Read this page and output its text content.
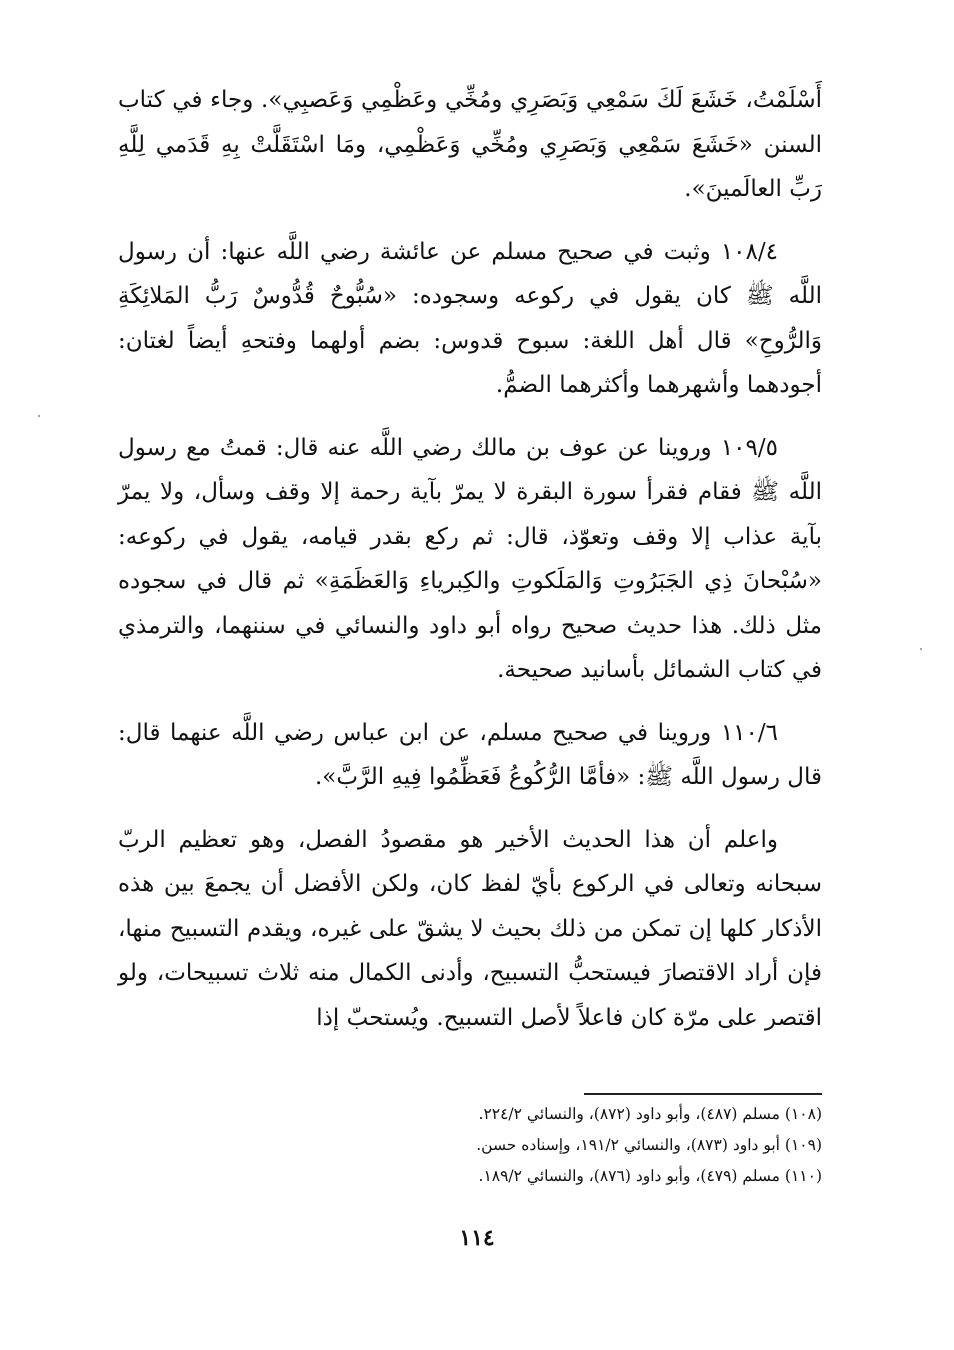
أَسْلَمْتُ، خَشَعَ لَكَ سَمْعِي وَبَصَرِي ومُخِّي وعَظْمِي وَعَصبِي». وجاء في كتاب السنن «خَشَعَ سَمْعِي وَبَصَرِي ومُخِّي وَعَظْمِي، ومَا اسْتَقَلَّتْ بِهِ قَدَمي لِلَّهِ رَبِّ العالَمينَ».

١٠٨/٤ وثبت في صحيح مسلم عن عائشة رضي اللَّه عنها: أن رسول اللَّه ﷺ كان يقول في ركوعه وسجوده: «سُبُّوحٌ قُدُّوسٌ رَبُّ المَلائِكَةِ وَالرُّوحِ» قال أهل اللغة: سبوح قدوس: بضم أولهما وفتحهِ أيضاً لغتان: أجودهما وأشهرهما وأكثرهما الضمُّ.

١٠٩/٥ وروينا عن عوف بن مالك رضي اللَّه عنه قال: قمتُ مع رسول اللَّه ﷺ فقام فقرأ سورة البقرة لا يمرّ بآية رحمة إلا وقف وسأل، ولا يمرّ بآية عذاب إلا وقف وتعوّذ، قال: ثم ركع بقدر قيامه، يقول في ركوعه: «سُبْحانَ ذِي الجَبَرُوتِ وَالمَلَكوتِ والكِبرياءِ وَالعَظَمَةِ» ثم قال في سجوده مثل ذلك. هذا حديث صحيح رواه أبو داود والنسائي في سننهما، والترمذي في كتاب الشمائل بأسانيد صحيحة.

١١٠/٦ وروينا في صحيح مسلم، عن ابن عباس رضي اللَّه عنهما قال: قال رسول اللَّه ﷺ: «فأمَّا الرُّكُوعُ فَعَظِّمُوا فِيهِ الرَّبَّ».

واعلم أن هذا الحديث الأخير هو مقصودُ الفصل، وهو تعظيم الربّ سبحانه وتعالى في الركوع بأيّ لفظ كان، ولكن الأفضل أن يجمعَ بين هذه الأذكار كلها إن تمكن من ذلك بحيث لا يشقّ على غيره، ويقدم التسبيح منها، فإن أراد الاقتصارَ فيستحبُّ التسبيح، وأدنى الكمال منه ثلاث تسبيحات، ولو اقتصر على مرّة كان فاعلاً لأصل التسبيح. ويُستحبّ إذا

(١٠٨) مسلم (٤٨٧)، وأبو داود (٨٧٢)، والنسائي ٢٢٤/٢.
(١٠٩) أبو داود (٨٧٣)، والنسائي ١٩١/٢، وإسناده حسن.
(١١٠) مسلم (٤٧٩)، وأبو داود (٨٧٦)، والنسائي ١٨٩/٢.
١١٤
